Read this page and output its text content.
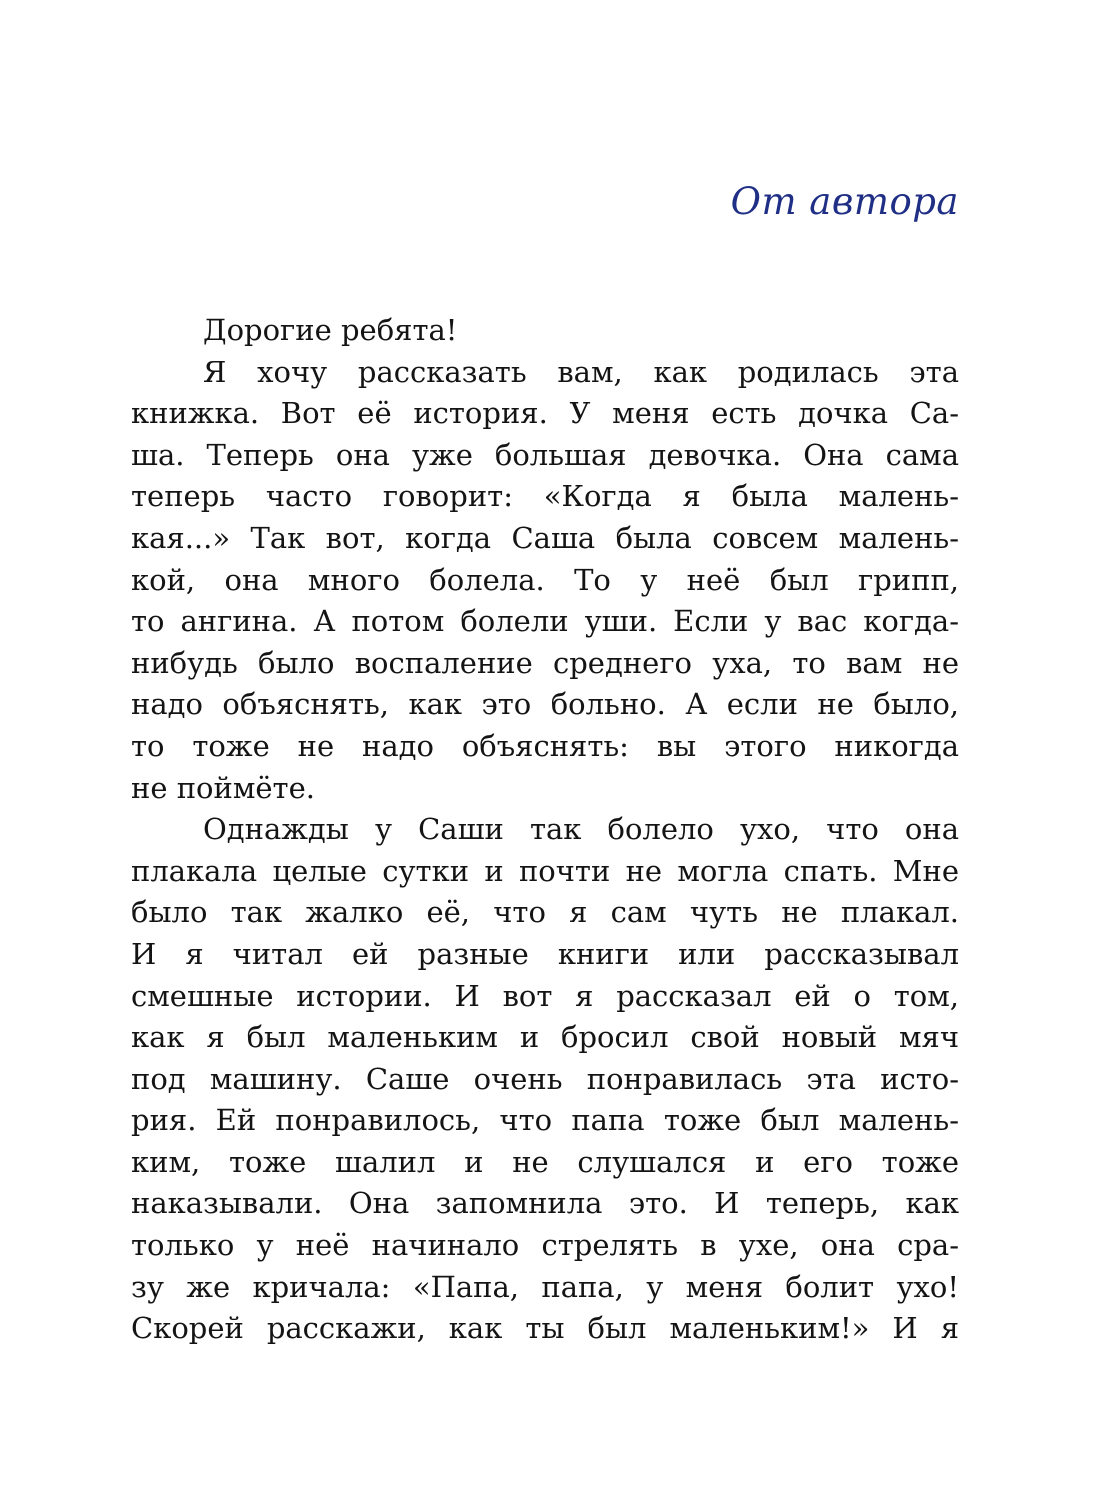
От автора
Дорогие ребята!
Я хочу рассказать вам, как родилась эта
книжка. Вот её история. У меня есть дочка Са-
ша. Теперь она уже большая девочка. Она сама
теперь часто говорит: «Когда я была малень-
кая...» Так вот, когда Саша была совсем малень-
кой, она много болела. То у неё был грипп,
то ангина. А потом болели уши. Если у вас когда-
нибудь было воспаление среднего уха, то вам не
надо объяснять, как это больно. А если не было,
то тоже не надо объяснять: вы этого никогда
не поймёте.
Однажды у Саши так болело ухо, что она
плакала целые сутки и почти не могла спать. Мне
было так жалко её, что я сам чуть не плакал.
И я читал ей разные книги или рассказывал
смешные истории. И вот я рассказал ей о том,
как я был маленьким и бросил свой новый мяч
под машину. Саше очень понравилась эта исто-
рия. Ей понравилось, что папа тоже был малень-
ким, тоже шалил и не слушался и его тоже
наказывали. Она запомнила это. И теперь, как
только у неё начинало стрелять в ухе, она сра-
зу же кричала: «Папа, папа, у меня болит ухо!
Скорей расскажи, как ты был маленьким!» И я
